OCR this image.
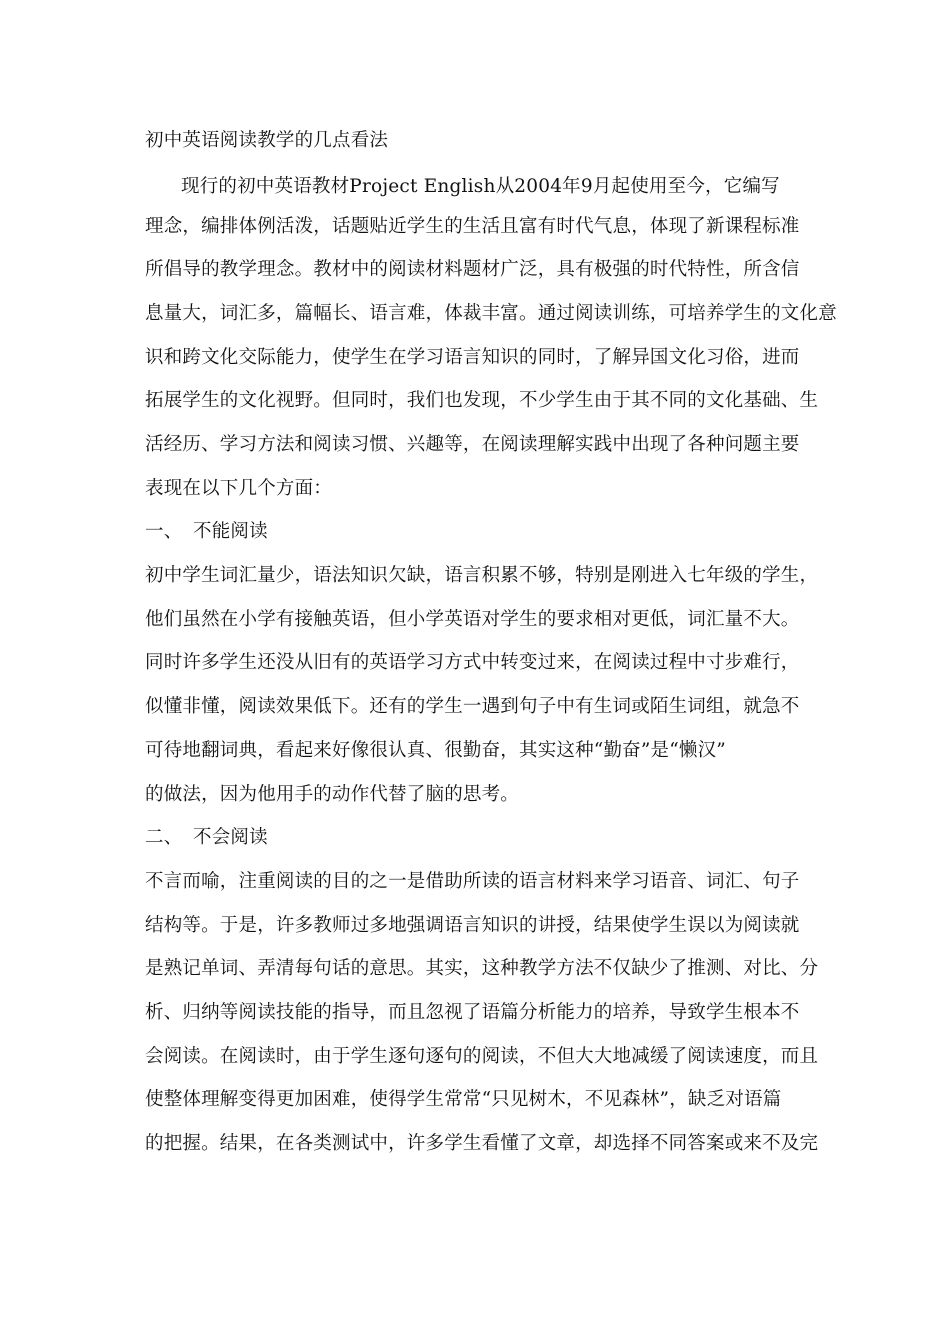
初中英语阅读教学的几点看法
现行的初中英语教材Project English从2004年9月起使用至今，它编写
理念，编排体例活泼，话题贴近学生的生活且富有时代气息，体现了新课程标准
所倡导的教学理念。教材中的阅读材料题材广泛，具有极强的时代特性，所含信
息量大，词汇多，篇幅长、语言难，体裁丰富。通过阅读训练，可培养学生的文化意
识和跨文化交际能力，使学生在学习语言知识的同时，了解异国文化习俗，进而
拓展学生的文化视野。但同时，我们也发现，不少学生由于其不同的文化基础、生
活经历、学习方法和阅读习惯、兴趣等，在阅读理解实践中出现了各种问题主要
表现在以下几个方面：
一、 不能阅读
初中学生词汇量少，语法知识欠缺，语言积累不够，特别是刚进入七年级的学生，
他们虽然在小学有接触英语，但小学英语对学生的要求相对更低，词汇量不大。
同时许多学生还没从旧有的英语学习方式中转变过来，在阅读过程中寸步难行，
似懂非懂，阅读效果低下。还有的学生一遇到句子中有生词或陌生词组，就急不
可待地翻词典，看起来好像很认真、很勤奋，其实这种“勤奋”是“懒汉”
的做法，因为他用手的动作代替了脑的思考。
二、 不会阅读
不言而喻，注重阅读的目的之一是借助所读的语言材料来学习语音、词汇、句子
结构等。于是，许多教师过多地强调语言知识的讲授，结果使学生误以为阅读就
是熟记单词、弄清每句话的意思。其实，这种教学方法不仅缺少了推测、对比、分
析、归纳等阅读技能的指导，而且忽视了语篇分析能力的培养，导致学生根本不
会阅读。在阅读时，由于学生逐句逐句的阅读，不但大大地减缓了阅读速度，而且
使整体理解变得更加困难，使得学生常常“只见树木，不见森林”，缺乏对语篇
的把握。结果，在各类测试中，许多学生看懂了文章，却选择不同答案或来不及完
